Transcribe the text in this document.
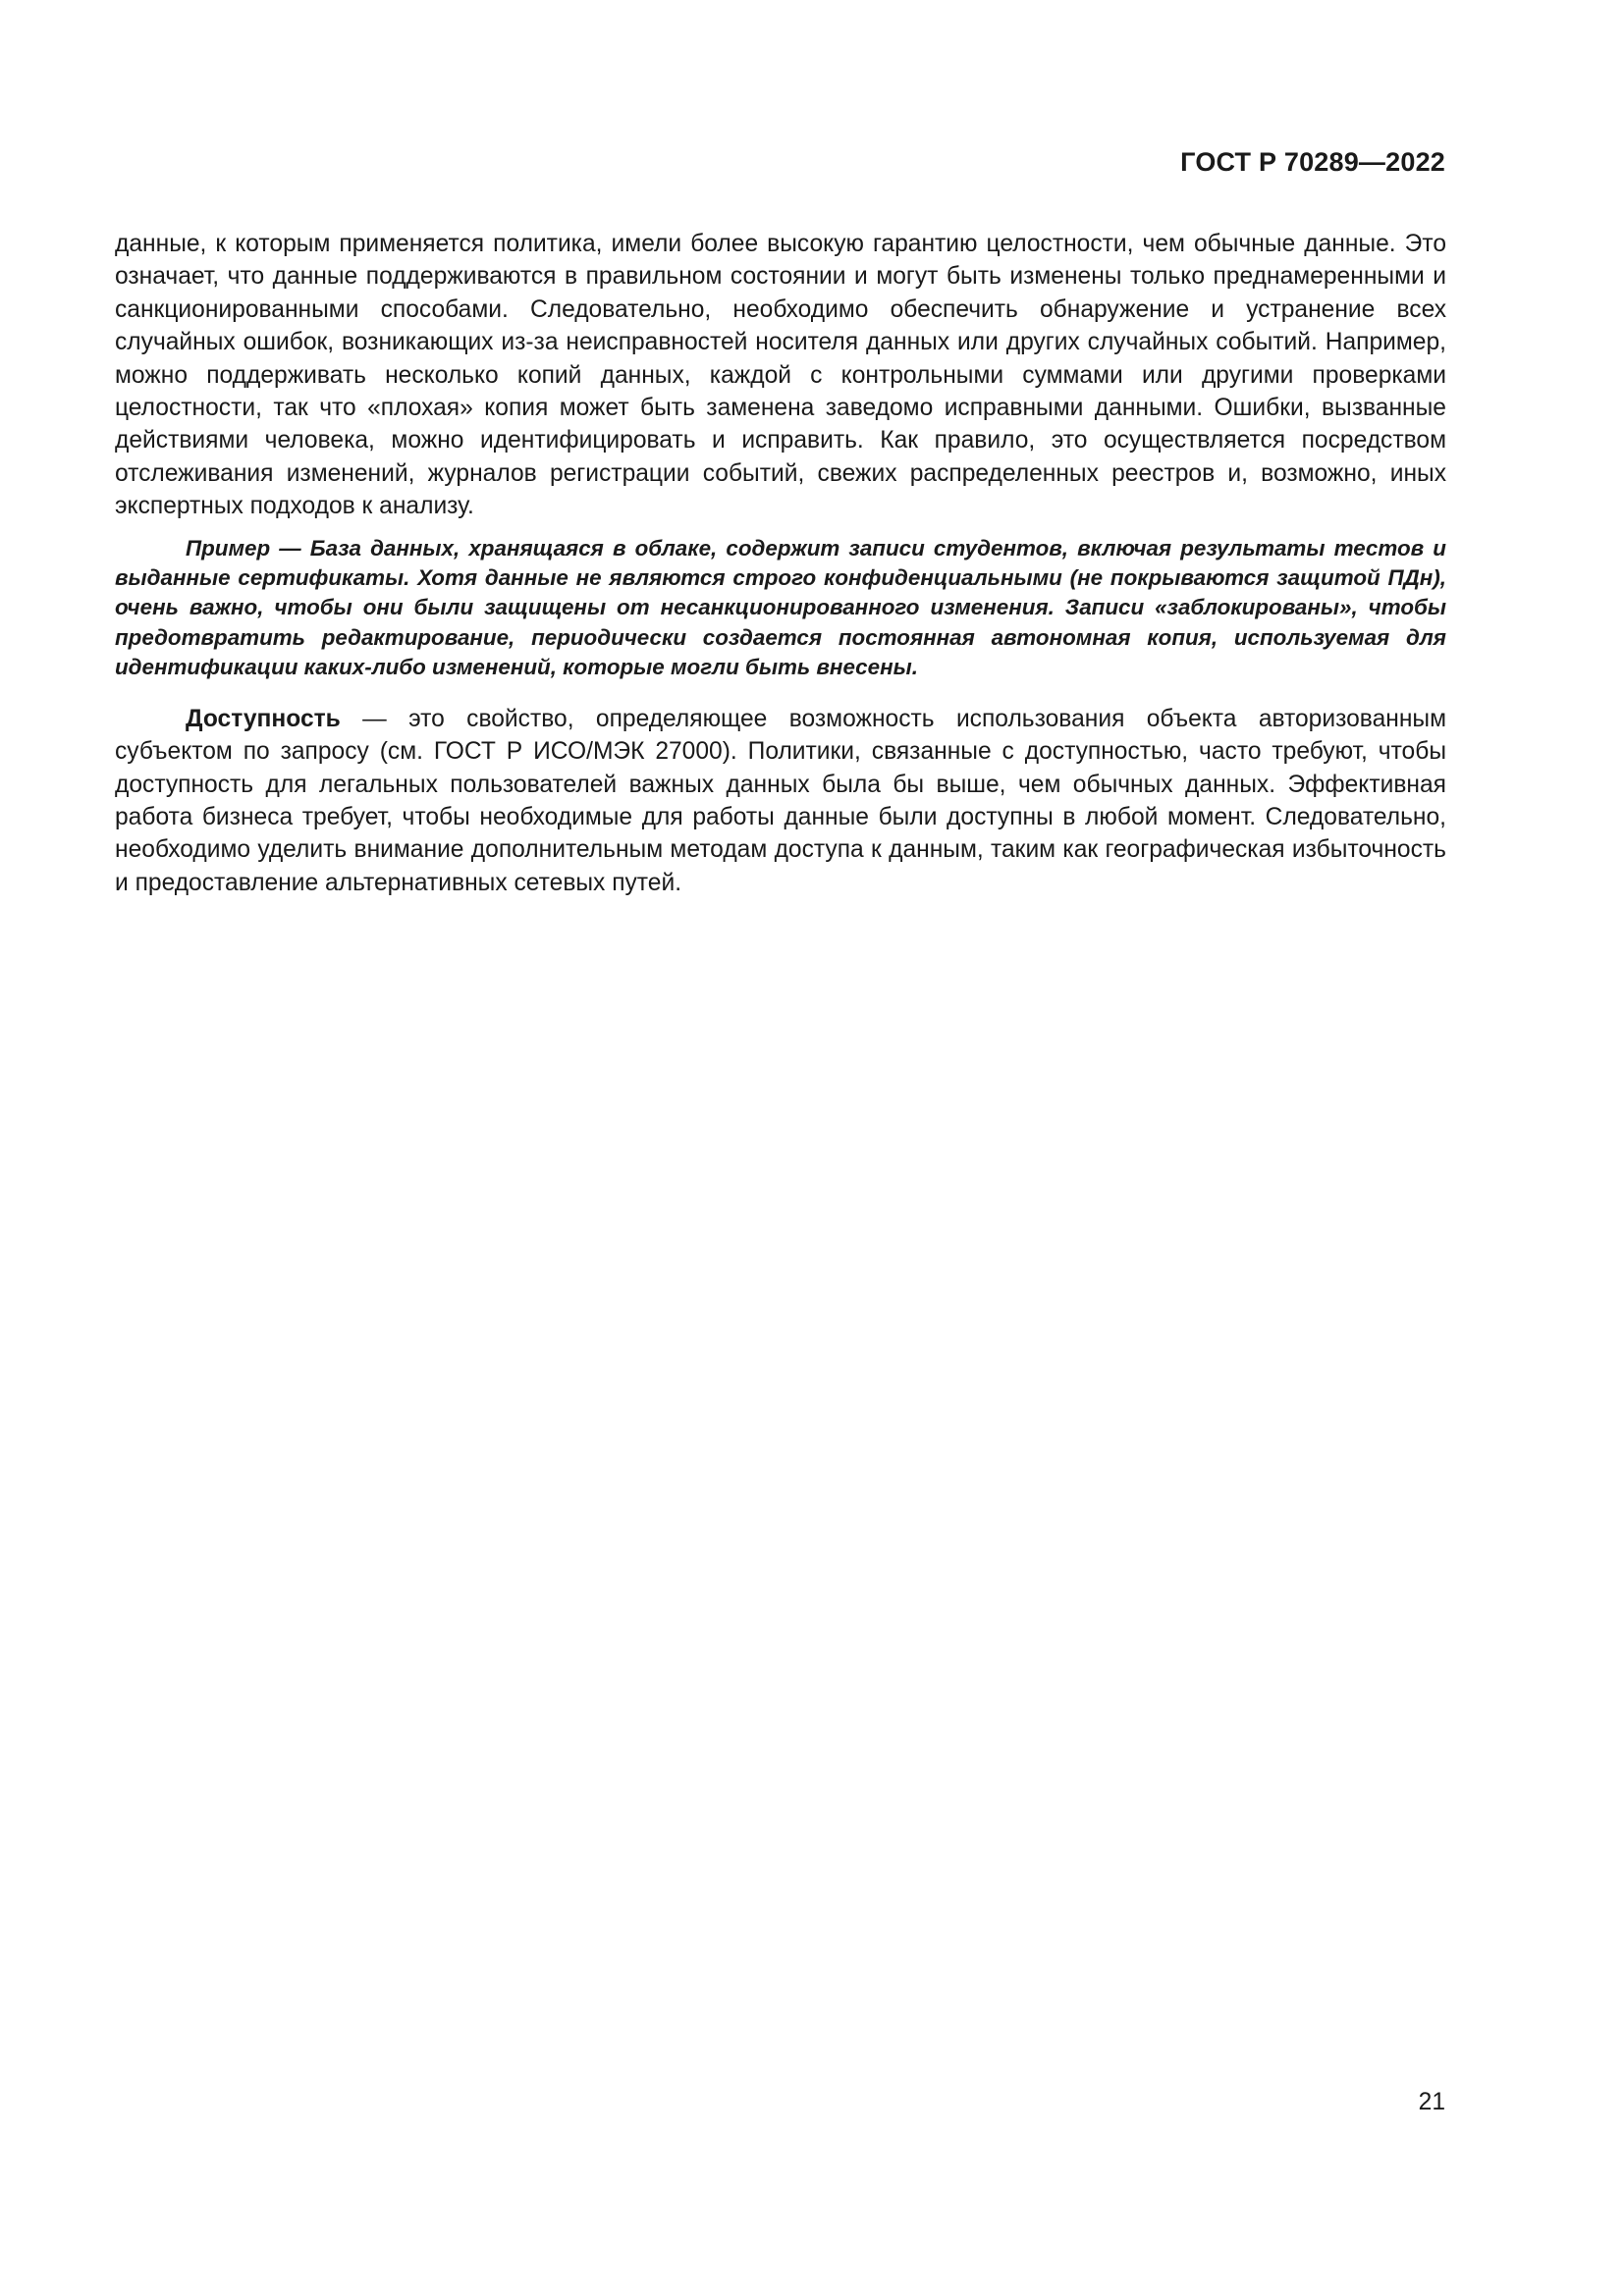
ГОСТ Р 70289—2022

данные, к которым применяется политика, имели более высокую гарантию целостности, чем обычные данные. Это означает, что данные поддерживаются в правильном состоянии и могут быть изменены только преднамеренными и санкционированными способами. Следовательно, необходимо обеспечить обнаружение и устранение всех случайных ошибок, возникающих из-за неисправностей носителя данных или других случайных событий. Например, можно поддерживать несколько копий данных, каждой с контрольными суммами или другими проверками целостности, так что «плохая» копия может быть заменена заведомо исправными данными. Ошибки, вызванные действиями человека, можно идентифицировать и исправить. Как правило, это осуществляется посредством отслеживания изменений, журналов регистрации событий, свежих распределенных реестров и, возможно, иных экспертных подходов к анализу.

Пример — База данных, хранящаяся в облаке, содержит записи студентов, включая результаты тестов и выданные сертификаты. Хотя данные не являются строго конфиденциальными (не покрываются защитой ПДн), очень важно, чтобы они были защищены от несанкционированного изменения. Записи «заблокированы», чтобы предотвратить редактирование, периодически создается постоянная автономная копия, используемая для идентификации каких-либо изменений, которые могли быть внесены.

Доступность — это свойство, определяющее возможность использования объекта авторизованным субъектом по запросу (см. ГОСТ Р ИСО/МЭК 27000). Политики, связанные с доступностью, часто требуют, чтобы доступность для легальных пользователей важных данных была бы выше, чем обычных данных. Эффективная работа бизнеса требует, чтобы необходимые для работы данные были доступны в любой момент. Следовательно, необходимо уделить внимание дополнительным методам доступа к данным, таким как географическая избыточность и предоставление альтернативных сетевых путей.

21
